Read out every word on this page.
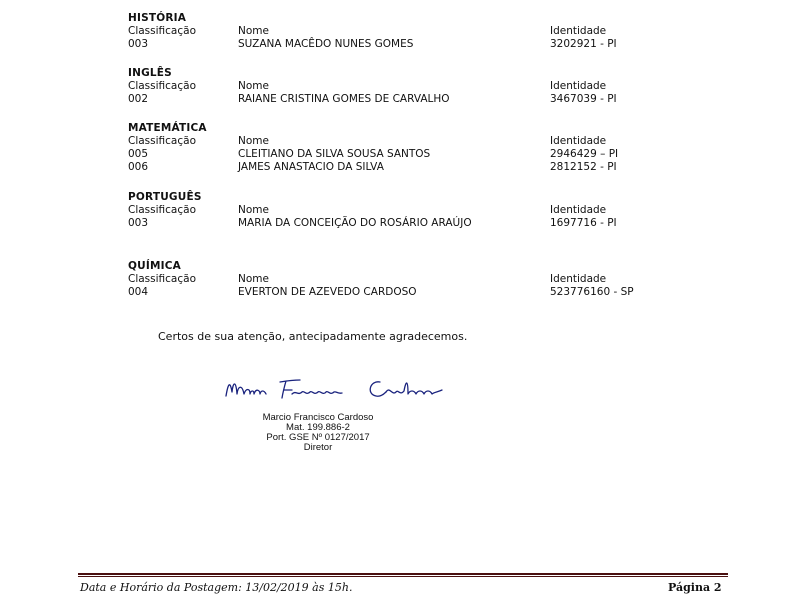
HISTÓRIA
Classificação	Nome	Identidade
003	SUZANA MACÊDO NUNES GOMES	3202921 - PI
INGLÊS
Classificação	Nome	Identidade
002	RAIANE CRISTINA GOMES DE CARVALHO	3467039 - PI
MATEMÁTICA
Classificação	Nome	Identidade
005	CLEITIANO DA SILVA SOUSA SANTOS	2946429 – PI
006	JAMES ANASTACIO DA SILVA	2812152 - PI
PORTUGUÊS
Classificação	Nome	Identidade
003	MARIA DA CONCEIÇÃO DO ROSÁRIO ARAÚJO	1697716 - PI
QUÍMICA
Classificação	Nome	Identidade
004	EVERTON DE AZEVEDO CARDOSO	523776160 - SP
Certos de sua atenção, antecipadamente agradecemos.
Marcio Francisco Cardoso
Mat. 199.886-2
Port. GSE Nº 0127/2017
Diretor
Data e Horário da Postagem: 13/02/2019 às 15h.	Página 2
